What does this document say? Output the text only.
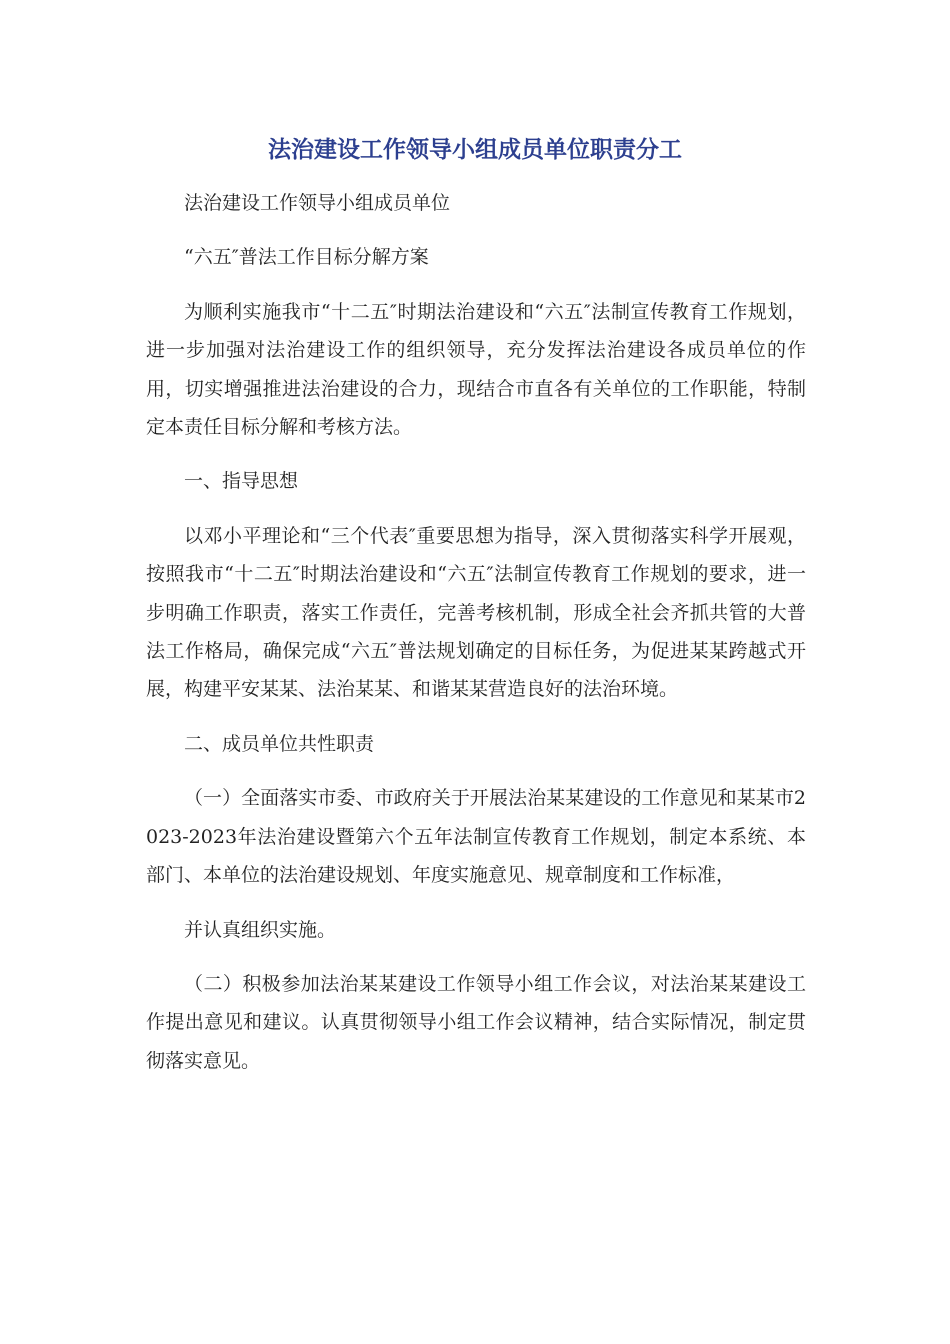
法治建设工作领导小组成员单位职责分工

法治建设工作领导小组成员单位

“六五″普法工作目标分解方案

为顺利实施我市“十二五″时期法治建设和“六五″法制宣传教育工作规划，进一步加强对法治建设工作的组织领导，充分发挥法治建设各成员单位的作用，切实增强推进法治建设的合力，现结合市直各有关单位的工作职能，特制定本责任目标分解和考核方法。

一、指导思想

以邓小平理论和“三个代表″重要思想为指导，深入贯彻落实科学开展观，按照我市“十二五″时期法治建设和“六五″法制宣传教育工作规划的要求，进一步明确工作职责，落实工作责任，完善考核机制，形成全社会齐抓共管的大普法工作格局，确保完成“六五″普法规划确定的目标任务，为促进某某跨越式开展，构建平安某某、法治某某、和谐某某营造良好的法治环境。

二、成员单位共性职责

（一）全面落实市委、市政府关于开展法治某某建设的工作意见和某某市2023-2023年法治建设暨第六个五年法制宣传教育工作规划，制定本系统、本部门、本单位的法治建设规划、年度实施意见、规章制度和工作标准，

并认真组织实施。

（二）积极参加法治某某建设工作领导小组工作会议，对法治某某建设工作提出意见和建议。认真贯彻领导小组工作会议精神，结合实际情况，制定贯彻落实意见。
